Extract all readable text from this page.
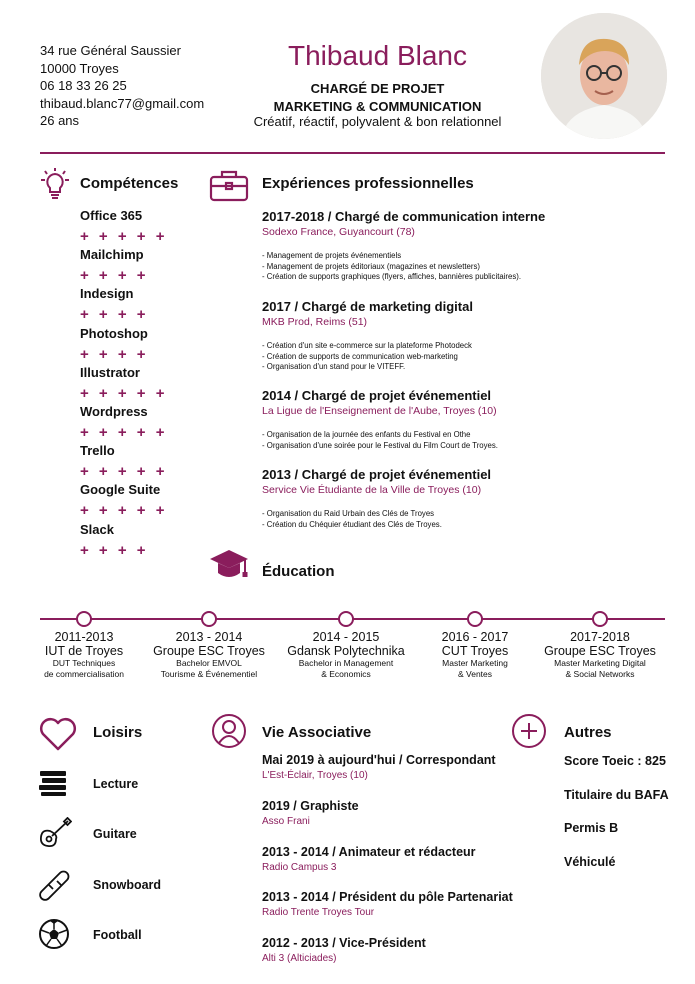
34 rue Général Saussier
10000 Troyes
06 18 33 26 25
thibaud.blanc77@gmail.com
26 ans
Thibaud Blanc
CHARGÉ DE PROJET
MARKETING & COMMUNICATION
Créatif, réactif, polyvalent & bon relationnel
Compétences
Office 365
+ + + + +
Mailchimp
+ + + +
Indesign
+ + + +
Photoshop
+ + + +
Illustrator
+ + + + +
Wordpress
+ + + + +
Trello
+ + + + +
Google Suite
+ + + + +
Slack
+ + + +
Expériences professionnelles
2017-2018 / Chargé de communication interne
Sodexo France, Guyancourt (78)
- Management de projets événementiels
- Management de projets éditoriaux (magazines et newsletters)
- Création de supports graphiques (flyers, affiches, bannières publicitaires).
2017 / Chargé de marketing digital
MKB Prod, Reims (51)
- Création d'un site e-commerce sur la plateforme Photodeck
- Création de supports de communication web-marketing
- Organisation d'un stand pour le VITEFF.
2014 / Chargé de projet événementiel
La Ligue de l'Enseignement de l'Aube, Troyes (10)
- Organisation de la journée des enfants du Festival en Othe
- Organisation d'une soirée pour le Festival du Film Court de Troyes.
2013 / Chargé de projet événementiel
Service Vie Étudiante de la Ville de Troyes (10)
- Organisation du Raid Urbain des Clés de Troyes
- Création du Chéquier étudiant des Clés de Troyes.
Éducation
2011-2013
IUT de Troyes
DUT Techniques
de commercialisation
2013 - 2014
Groupe ESC Troyes
Bachelor EMVOL
Tourisme & Événementiel
2014 - 2015
Gdansk Polytechnika
Bachelor in Management
& Economics
2016 - 2017
CUT Troyes
Master Marketing
& Ventes
2017-2018
Groupe ESC Troyes
Master Marketing Digital
& Social Networks
Loisirs
Lecture
Guitare
Snowboard
Football
Vie Associative
Mai 2019 à aujourd'hui / Correspondant
L'Est-Éclair, Troyes (10)
2019 / Graphiste
Asso Frani
2013 - 2014 / Animateur et rédacteur
Radio Campus 3
2013 - 2014 / Président du pôle Partenariat
Radio Trente Troyes Tour
2012 - 2013 / Vice-Président
Alti 3 (Alticiades)
Autres
Score Toeic : 825
Titulaire du BAFA
Permis B
Véhiculé
